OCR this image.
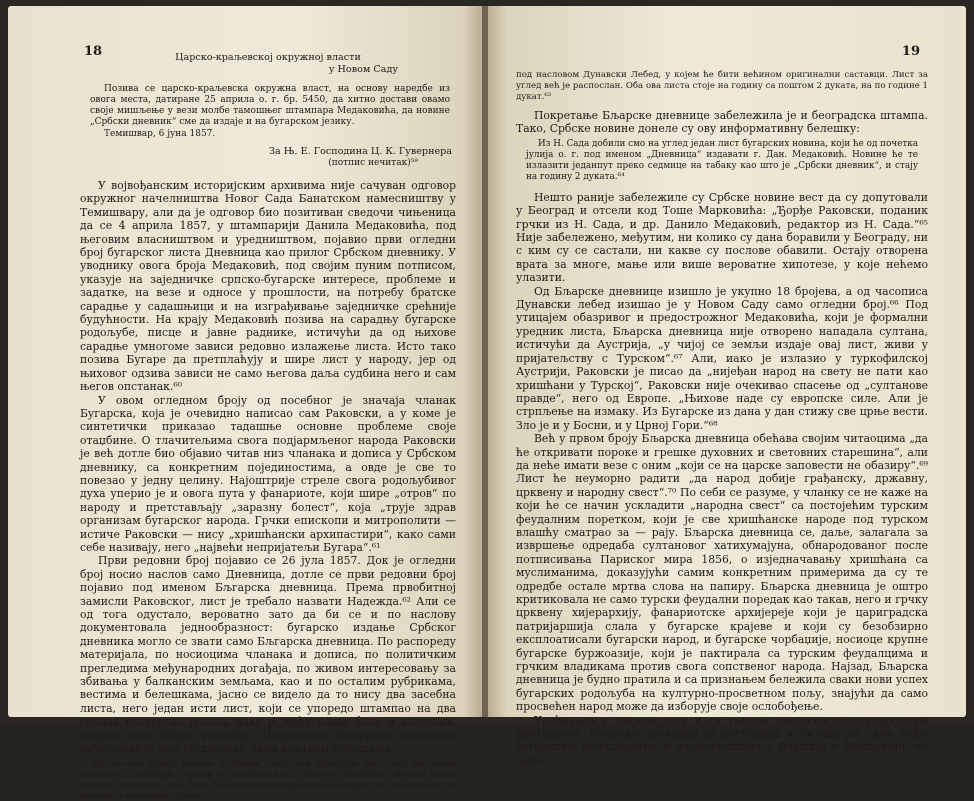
18	Царско-краљевској окружној власти

у Новом Саду

Позива се царско-краљевска окружна власт, на основу наредбе из овога места, датиране 25 априла о. г. бр. 5450, да хитно достави овамо своје мишљење у вези молбе тамошњег штампара Медаковића, да новине „Србски дневник“ сме да издаје и на бугарском језику.

Темишвар, 6 јуна 1857.

За Њ. Е. Господина Ц. К. Гувернера

(потпис нечитак)⁵⁹

У војвођанским историјским архивима није сачуван одговор окружног начелништва Новог Сада Банатском намесништву у Темишвару, али да је одговор био позитиван сведочи чињеница да се 4 априла 1857, у штампарији Данила Медаковића, под његовим власништвом и уредништвом, појавио први огледни број бугарског листа Дневница као прилог Србском дневнику. У уводнику овога броја Медаковић, под својим пуним потписом, указује на заједничке српско-бугарске интересе, проблеме и задатке, на везе и односе у прошлости, на потребу братске сарадње у садашњици и на изграђивање заједничке срећније будућности. На крају Медаковић позива на сарадњу бугарске родољубе, писце и јавне раднике, истичући да од њихове сарадње умногоме зависи редовно излажење листа. Исто тако позива Бугаре да претплаћују и шире лист у народу, јер од њиховог одзива зависи не само његова даља судбина него и сам његов опстанак.⁶⁰

У овом огледном броју од посебног је значаја чланак Бугарска, која је очевидно написао сам Раковски, а у коме је синтетички приказао тадашње основне проблеме своје отаџбине. О тлачитељима свога подјармљеног народа Раковски је већ дотле био објавио читав низ чланака и дописа у Србском дневнику, са конкретним појединостима, а овде је све то повезао у једну целину. Најоштрије стреле свога родољубивог духа уперио је и овога пута у фанариоте, који шире „отров“ по народу и претстављају „заразну болест“, која „трује здрав организам бугарског народа. Грчки епископи и митрополити — истиче Раковски — нису „хришћански архипастири“, како сами себе називају, него „највећи непријатељи Бугара“.⁶¹

Први редовни број појавио се 26 јула 1857. Док је огледни број носио наслов само Дневница, дотле се први редовни број појавио под именом Бљгарска дневница. Према првобитној замисли Раковског, лист је требало назвати Надежда.⁶² Али се од тога одустало, вероватно зато да би се и по наслову документовала једнообразност: бугарско издање Србског дневника могло се звати само Бљгарска дневница. По распореду материјала, по носиоцима чланака и дописа, по политичким прегледима међународних догађаја, по живом интересовању за збивања у балканским земљама, као и по осталим рубрикама, вестима и белешкама, јасно се видело да то нису два засебна листа, него један исти лист, који се упоредо штампао на два сродна словенска језика, иако је међу њима било и извесних, мањих или већих разлика. Покретање Бљгарске дневнице забележио је сам Медаковић овом кратком белешком:

Од месеца јулија излази у Новом Саду нов бугарски лист под насловом Бљгарска Дневница. Чланци су преведени из Србскога Дневника. Излази сваке недеље једанпута. Ако буде довољно пренумераната, издаваће се по једанпут на недељу и књижеван прилог

19

под насловом Дунавски Лебед, у којем ће бити већином оригинални саставци. Лист за углед већ је распослан. Оба ова листа стоје на годину са поштом 2 дуката, на по године 1 дукат.⁶³

Покретање Бљарске дневнице забележила је и београдска штампа. Тако, Србске новине донеле су ову информативну белешку:

Из Н. Сада добили смо на углед један лист бугарских новина, који ће од почетка јулија о. г. под именом „Дневница“ издавати г. Дан. Медаковић. Новине ће те излазити једанпут преко седмице на табаку као што је „Србски дневник“, и стају на годину 2 дуката.⁶⁴

Нешто раније забележиле су Србске новине вест да су допутовали у Београд и отсели код Тоше Марковића: „Ђорђе Раковски, поданик грчки из Н. Сада, и др. Данило Медаковић, редактор из Н. Сада.“⁶⁵ Није забележено, међутим, ни колико су дана боравили у Београду, ни с ким су се састали, ни какве су послове обавили. Остају отворена врата за многе, мање или више вероватне хипотезе, у које нећемо улазити.

Од Бљарске дневнице изишло је укупно 18 бројева, а од часописа Дунавски лебед изишао је у Новом Саду само огледни број.⁶⁶ Под утицајем обазривог и предострожног Медаковића, који је формални уредник листа, Бљарска дневница није отворено нападала султана, истичући да Аустрија, „у чијој се земљи издаје овај лист, живи у пријатељству с Турском“.⁶⁷ Али, иако је излазио у туркофилској Аустрији, Раковски је писао да „нијеђан народ на свету не пати као хришћани у Турској“, Раковски није очекивао спасење од „султанове правде“, него од Европе. „Њихове наде су европске силе. Али је стрпљење на измаку. Из Бугарске из дана у дан стижу све црње вести. Зло је и у Босни, и у Црној Гори.“⁶⁸

Већ у првом броју Бљарска дневница обећава својим читаоцима „да ће откривати пороке и грешке духовних и световних старешина“, али да неће имати везе с оним „који се на царске заповести не обазиру“.⁶⁹ Лист ће неуморно радити „да народ добије грађанску, државну, црквену и народну свест“.⁷⁰ По себи се разуме, у чланку се не каже на који ће се начин ускладити „народна свест“ са постојећим турским феудалним поретком, који је све хришћанске народе под турском влашћу сматрао за — рају. Бљарска дневница се, даље, залагала за извршење одредаба султановог хатихумајуна, обнародованог после потписивања Париског мира 1856, о изједначавању хришћана са муслиманима, доказујући самим конкретним примерима да су те одредбе остале мртва слова на папиру. Бљарска дневница је оштро критиковала не само турски феудални поредак као такав, него и грчку црквену хијерархију, фанариотске архијереје који је цариградска патријаршија слала у бугарске крајеве и који су безобзирно експлоатисали бугарски народ, и бугарске чорбаџије, носиоце крупне бугарске буржоазије, који је пактирала са турским феудалцима и грчким владикама против свога сопственог народа. Најзад, Бљарска дневница је будно пратила и са признањем бележила сваки нови успех бугарских родољуба на културно-просветном пољу, знајући да само просвећен народ може да изборује своје ослобођење.

Уређивана у таквом духу и са таквим широким општенародним програмом, Бљарска дневница је растурана и читана не само међу бугарским печалбарима и насељеницима у Влашкој и Молдавији, не само
